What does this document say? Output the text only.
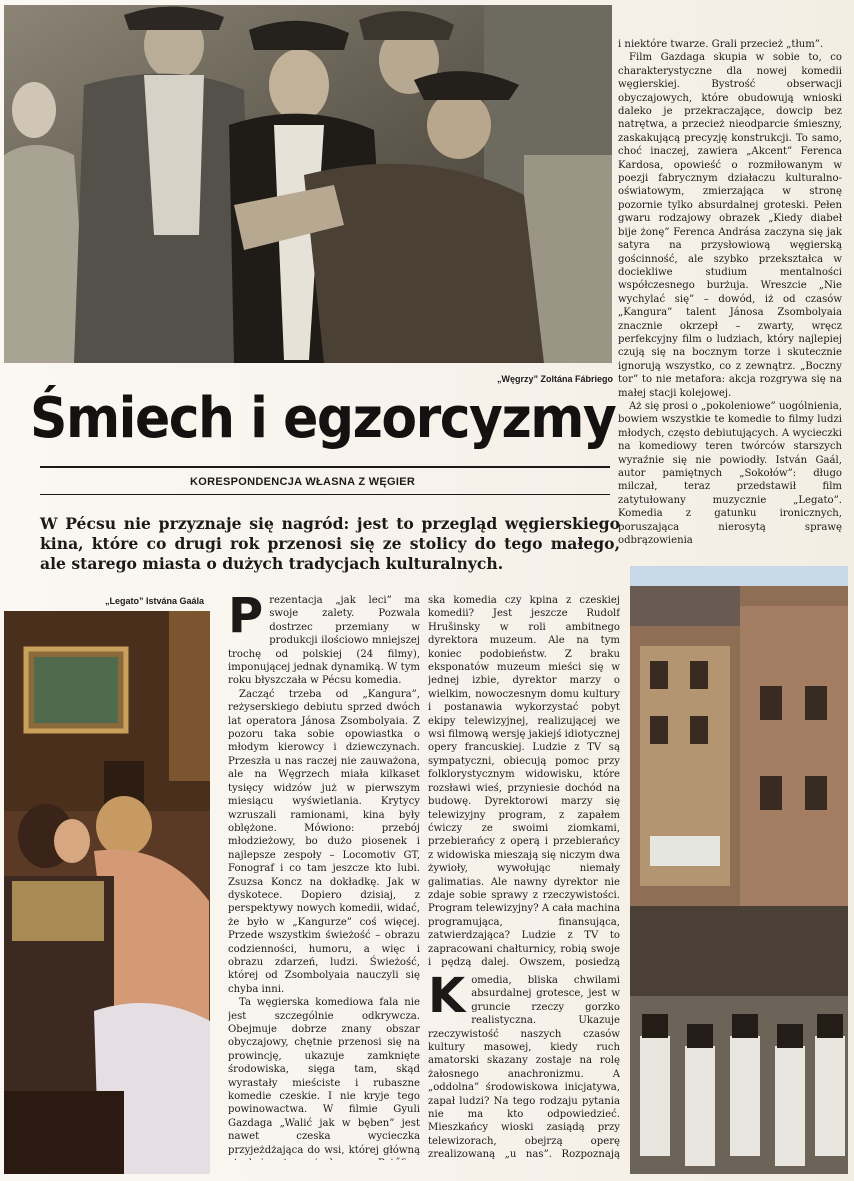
„Węgrzy” Zoltána Fábriego

i niektóre twarze. Grali przecież „tłum”.

Film Gazdaga skupia w sobie to, co charakterystyczne dla nowej komedii węgierskiej. Bystrość obserwacji obyczajowych, które obudowują wnioski daleko je przekraczające, dowcip bez natrętwa, a przecież nieodparcie śmieszny, zaskakującą precyzję konstrukcji. To samo, choć inaczej, zawiera „Akcent” Ferenca Kardosa, opowieść o rozmiłowanym w poezji fabrycznym działaczu kulturalno-oświatowym, zmierzająca w stronę pozornie tylko absurdalnej groteski. Pełen gwaru rodzajowy obrazek „Kiedy diabeł bije żonę” Ferenca Andrása zaczyna się jak satyra na przysłowiową węgierską gościnność, ale szybko przekształca w dociekliwe studium mentalności współczesnego burżuja. Wreszcie „Nie wychylać się” – dowód, iż od czasów „Kangura” talent Jánosa Zsombolyaia znacznie okrzepł – zwarty, wręcz perfekcyjny film o ludziach, który najlepiej czują się na bocznym torze i skutecznie ignorują wszystko, co z zewnątrz. „Boczny tor” to nie metafora: akcja rozgrywa się na małej stacji kolejowej.

Aż się prosi o „pokoleniowe” uogólnienia, bowiem wszystkie te komedie to filmy ludzi młodych, często debiutujących. A wycieczki na komediowy teren twórców starszych wyraźnie się nie powiodły. István Gaál, autor pamiętnych „Sokołów”: długo milczał, teraz przedstawił film zatytułowany muzycznie „Legato”. Komedia z gatunku ironicznych, poruszająca nierosytą sprawę odbrązowienia

Śmiech i egzorcyzmy
KORESPONDENCJA WŁASNA Z WĘGIER
W Pécsu nie przyznaje się nagród: jest to przegląd węgierskiego kina, które co drugi rok przenosi się ze stolicy do tego małego, ale starego miasta o dużych tradycjach kulturalnych.
„Legato” Istvána Gaála Prezentacja „jak leci” ma swoje zalety. Pozwala dostrzec przemiany w produkcji ilościowo mniejszej trochę od polskiej (24 filmy), imponującej jednak dynamiką. W tym roku błyszczała w Pécsu komedia.

Zacząć trzeba od „Kangura”, reżyserskiego debiutu sprzed dwóch lat operatora Jánosa Zsombolyaia. Z pozoru taka sobie opowiastka o młodym kierowcy i dziewczynach. Przeszła u nas raczej nie zauważona, ale na Węgrzech miała kilkaset tysięcy widzów już w pierwszym miesiącu wyświetlania. Krytycy wzruszali ramionami, kina były oblężone. Mówiono: przebój młodzieżowy, bo dużo piosenek i najlepsze zespoły – Locomotiv GT, Fonograf i co tam jeszcze kto lubi. Zsuzsa Koncz na dokładkę. Jak w dyskotece. Dopiero dzisiaj, z perspektywy nowych komedii, widać, że było w „Kangurze” coś więcej. Przede wszystkim świeżość – obrazu codzienności, humoru, a więc i obrazu zdarzeń, ludzi. Świeżość, której od Zsombolyaia nauczyli się chyba inni.

Ta węgierska komediowa fala nie jest szczególnie odkrywcza. Obejmuje dobrze znany obszar obyczajowy, chętnie przenosi się na prowincję, ukazuje zamknięte środowiska, sięga tam, skąd wyrastały mieściste i rubaszne komedie czeskie. I nie kryje tego powinowactwa. W filmie Gyuli Gazdaga „Walić jak w bęben” jest nawet czeska wycieczka przyjeżdżająca do wsi, której główną

ska komedia czy kpina z czeskiej komedii? Jest jeszcze Rudolf Hrušinsky w roli ambitnego dyrektora muzeum. Ale na tym koniec podobieństw. Z braku eksponatów muzeum mieści się w jednej izbie, dyrektor marzy o wielkim, nowoczesnym domu kultury i postanawia wykorzystać pobyt ekipy telewizyjnej, realizującej we wsi filmową wersję jakiejś idiotycznej opery francuskiej. Ludzie z TV są sympatyczni, obiecują pomoc przy folklorystycznym widowisku, które rozsławi wieś, przyniesie dochód na budowę. Dyrektorowi marzy się telewizyjny program, z zapałem ćwiczy ze swoimi ziomkami, przebierańcy z operą i przebierańcy z widowiska mieszają się niczym dwa żywioły, wywołując niemały galimatias. Ale nawny dyrektor nie zdaje sobie sprawy z rzeczywistości. Program telewizyjny? A cała machina programująca, finansująca, zatwierdzająca? Ludzie z TV to zapracowani chałturnicy, robią swoje i pędzą dalej. Owszem, posiedzą

Komedia, bliska chwilami absurdalnej grotesce, jest w gruncie rzeczy gorzko realistyczna. Ukazuje rzeczywistość naszych czasów kultury masowej, kiedy ruch amatorski skazany zostaje na rolę żałosnego anachronizmu. A „oddolna” środowiskowa inicjatywa, zapał ludzi? Na tego rodzaju pytania nie ma kto odpowiedzieć. Mieszkańcy wioski zasiądą przy telewizorach, obejrzą operę zrealizowaną „u nas”. Rozpoznają
